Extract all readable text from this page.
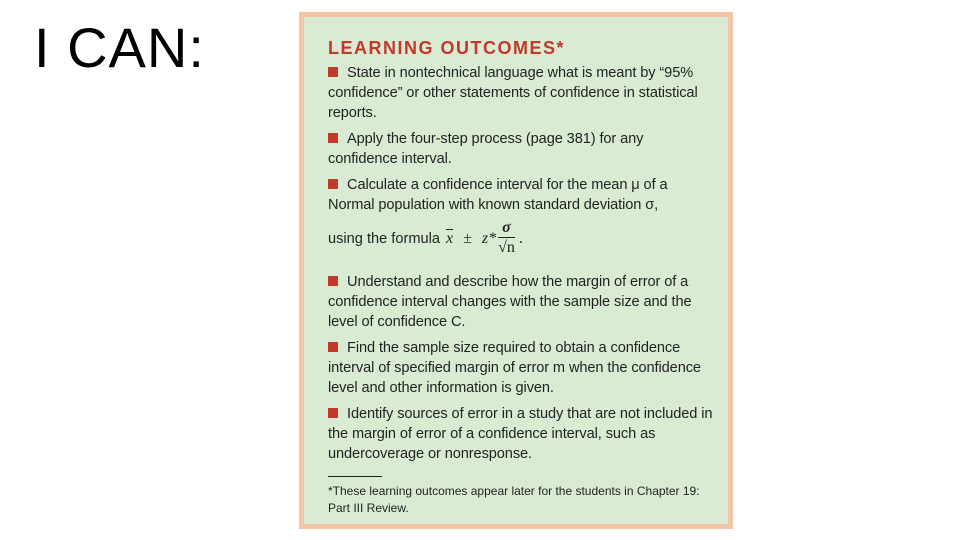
I CAN:	LEARNING OUTCOMES*

State in nontechnical language what is meant by “95% confidence” or other statements of confidence in statistical reports.

Apply the four-step process (page 381) for any confidence interval.

Calculate a confidence interval for the mean μ of a Normal population with known standard deviation σ,

using the formula $\overline{x} \pm z* \frac{\sigma}{√n}$ .

Understand and describe how the margin of error of a confidence interval changes with the sample size and the level of confidence C.

Find the sample size required to obtain a confidence interval of specified margin of error m when the confidence level and other information is given.

Identify sources of error in a study that are not included in the margin of error of a confidence interval, such as undercoverage or nonresponse.

*These learning outcomes appear later for the students in Chapter 19: Part III Review.
